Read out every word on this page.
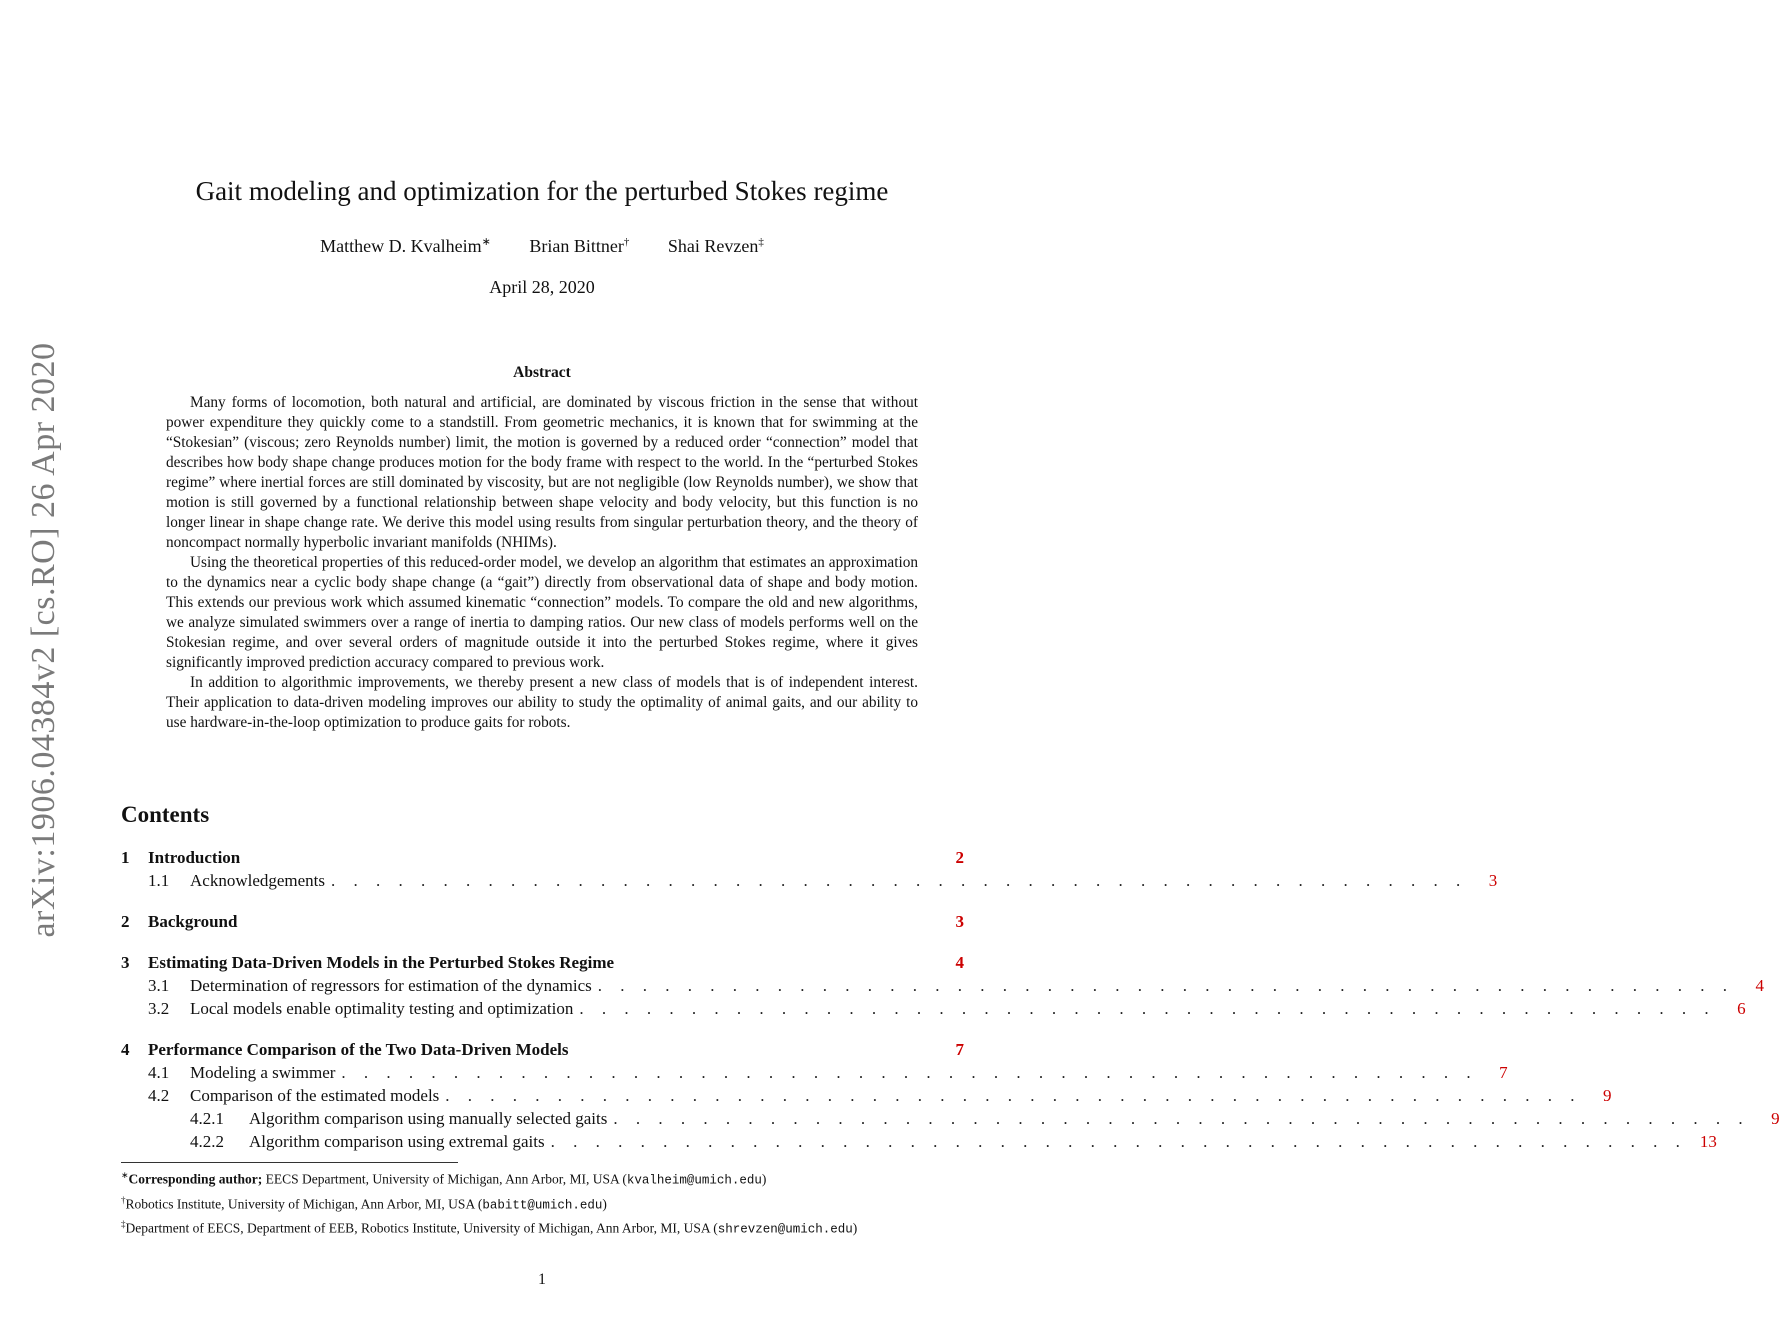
arXiv:1906.04384v2 [cs.RO] 26 Apr 2020
Gait modeling and optimization for the perturbed Stokes regime
Matthew D. Kvalheim∗ Brian Bittner† Shai Revzen‡
April 28, 2020
Abstract

Many forms of locomotion, both natural and artificial, are dominated by viscous friction in the sense that without power expenditure they quickly come to a standstill. From geometric mechanics, it is known that for swimming at the “Stokesian” (viscous; zero Reynolds number) limit, the motion is governed by a reduced order “connection” model that describes how body shape change produces motion for the body frame with respect to the world. In the “perturbed Stokes regime” where inertial forces are still dominated by viscosity, but are not negligible (low Reynolds number), we show that motion is still governed by a functional relationship between shape velocity and body velocity, but this function is no longer linear in shape change rate. We derive this model using results from singular perturbation theory, and the theory of noncompact normally hyperbolic invariant manifolds (NHIMs).

Using the theoretical properties of this reduced-order model, we develop an algorithm that estimates an approximation to the dynamics near a cyclic body shape change (a “gait”) directly from observational data of shape and body motion. This extends our previous work which assumed kinematic “connection” models. To compare the old and new algorithms, we analyze simulated swimmers over a range of inertia to damping ratios. Our new class of models performs well on the Stokesian regime, and over several orders of magnitude outside it into the perturbed Stokes regime, where it gives significantly improved prediction accuracy compared to previous work.

In addition to algorithmic improvements, we thereby present a new class of models that is of independent interest. Their application to data-driven modeling improves our ability to study the optimality of animal gaits, and our ability to use hardware-in-the-loop optimization to produce gaits for robots.

Contents
1	Introduction	2
1.1	Acknowledgements . . . . . . . . . . . . . . . . . . . . . . . . . . . . . . . . . . . . . . . . . . . . . . . . . . .	3
2	Background	3
3	Estimating Data-Driven Models in the Perturbed Stokes Regime	4
3.1	Determination of regressors for estimation of the dynamics . . . . . . . . . . . . . . . . . . . . . . . . . . . . . . . . . . . . . . . . . . . . . . . . . . .	4
3.2	Local models enable optimality testing and optimization . . . . . . . . . . . . . . . . . . . . . . . . . . . . . . . . . . . . . . . . . . . . . . . . . . .	6
4	Performance Comparison of the Two Data-Driven Models	7
4.1	Modeling a swimmer . . . . . . . . . . . . . . . . . . . . . . . . . . . . . . . . . . . . . . . . . . . . . . . . . . .	7
4.2	Comparison of the estimated models . . . . . . . . . . . . . . . . . . . . . . . . . . . . . . . . . . . . . . . . . . . . . . . . . . .	9
4.2.1	Algorithm comparison using manually selected gaits . . . . . . . . . . . . . . . . . . . . . . . . . . . . . . . . . . . . . . . . . . . . . . . . . . .	9
4.2.2	Algorithm comparison using extremal gaits . . . . . . . . . . . . . . . . . . . . . . . . . . . . . . . . . . . . . . . . . . . . . . . . . . . 13
∗Corresponding author; EECS Department, University of Michigan, Ann Arbor, MI, USA (kvalheim@umich.edu)
†Robotics Institute, University of Michigan, Ann Arbor, MI, USA (babitt@umich.edu)
‡Department of EECS, Department of EEB, Robotics Institute, University of Michigan, Ann Arbor, MI, USA (shrevzen@umich.edu)
1
